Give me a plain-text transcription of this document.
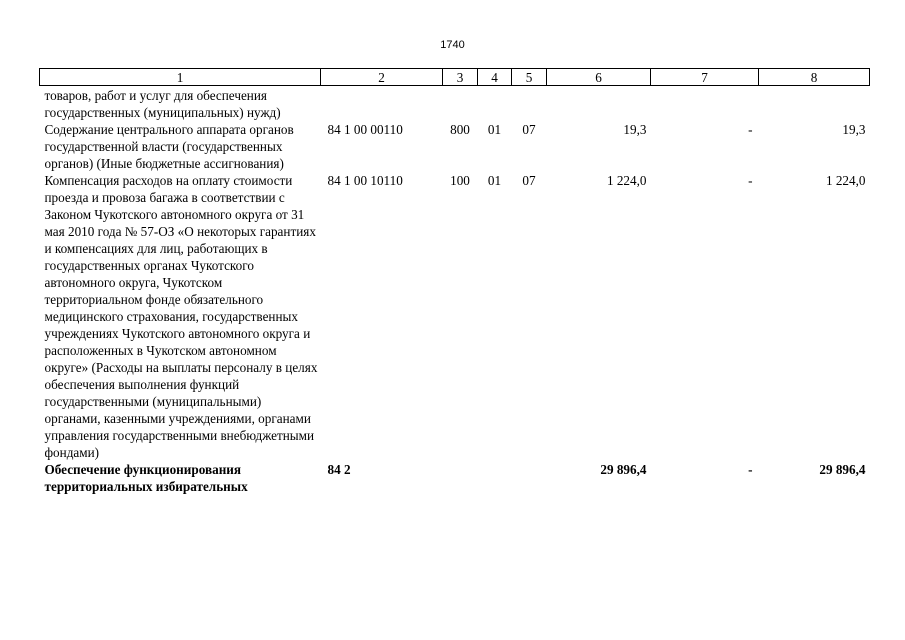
1740
1	2	3	4	5	6	7	8
товаров, работ и услуг для обеспечения государственных (муниципальных) нужд)							
Содержание центрального аппарата органов государственной власти (государственных органов) (Иные бюджетные ассигнования)	84 1 00 00110	800	01	07	19,3	-	19,3
Компенсация расходов на оплату стоимости проезда и провоза багажа в соответствии с Законом Чукотского автономного округа от 31 мая 2010 года № 57-ОЗ «О некоторых гарантиях и компенсациях для лиц, работающих в государственных органах Чукотского автономного округа, Чукотском территориальном фонде обязательного медицинского страхования, государственных учреждениях Чукотского автономного округа и расположенных в Чукотском автономном округе» (Расходы на выплаты персоналу в целях обеспечения выполнения функций государственными (муниципальными) органами, казенными учреждениями, органами управления государственными внебюджетными фондами)	84 1 00 10110	100	01	07	1 224,0	-	1 224,0
Обеспечение функционирования территориальных избирательных	84 2				29 896,4	-	29 896,4
